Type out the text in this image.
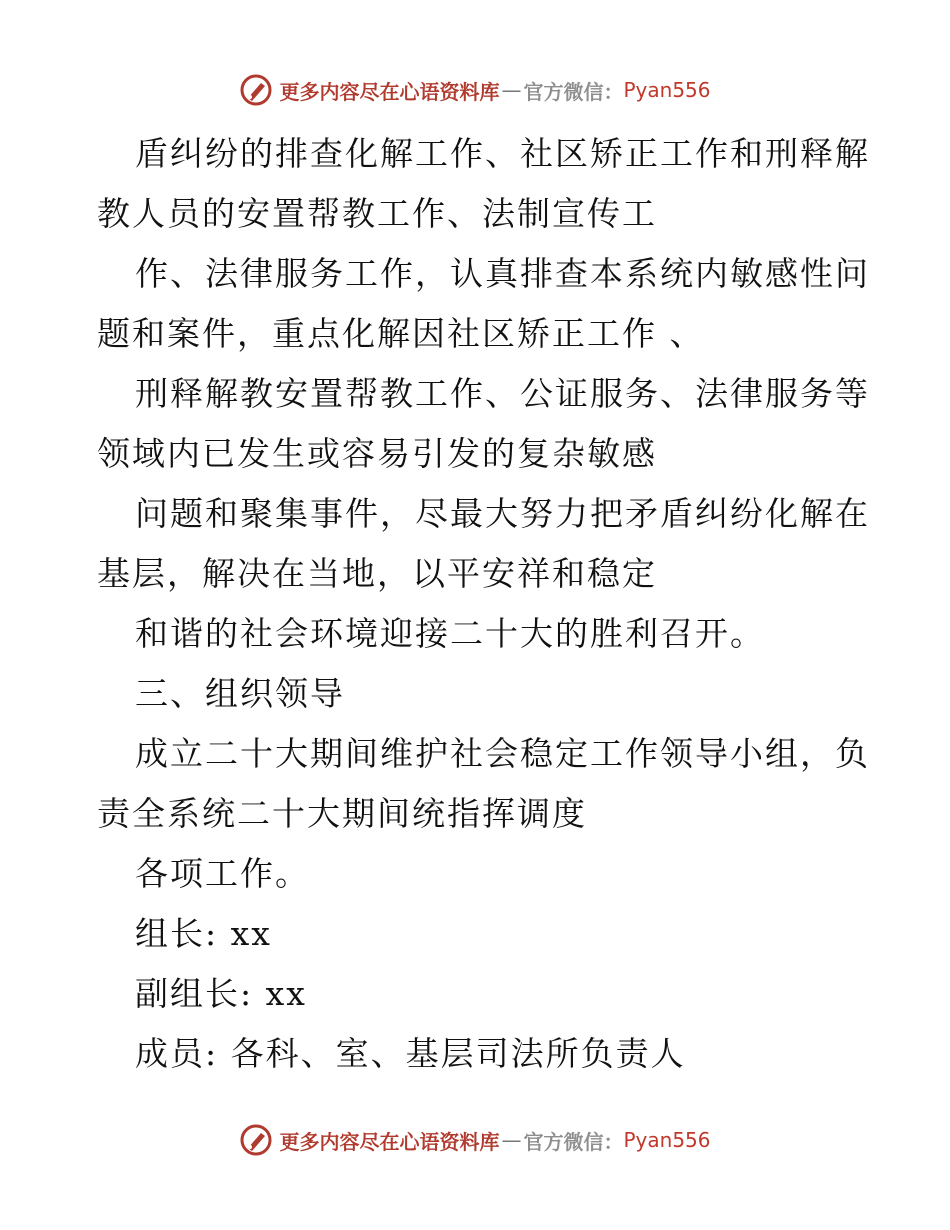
更多内容尽在心语资料库 — 官方微信： Pyan556
盾纠纷的排查化解工作、社区矫正工作和刑释解
教人员的安置帮教工作、法制宣传工
作、法律服务工作，认真排查本系统内敏感性问
题和案件，重点化解因社区矫正工作 、
刑释解教安置帮教工作、公证服务、法律服务等
领域内已发生或容易引发的复杂敏感
问题和聚集事件，尽最大努力把矛盾纠纷化解在
基层，解决在当地，以平安祥和稳定
和谐的社会环境迎接二十大的胜利召开。
三、组织领导
成立二十大期间维护社会稳定工作领导小组，负
责全系统二十大期间统指挥调度
各项工作。
组长: xx
副组长: xx
成员: 各科、室、基层司法所负责人
更多内容尽在心语资料库 — 官方微信： Pyan556
